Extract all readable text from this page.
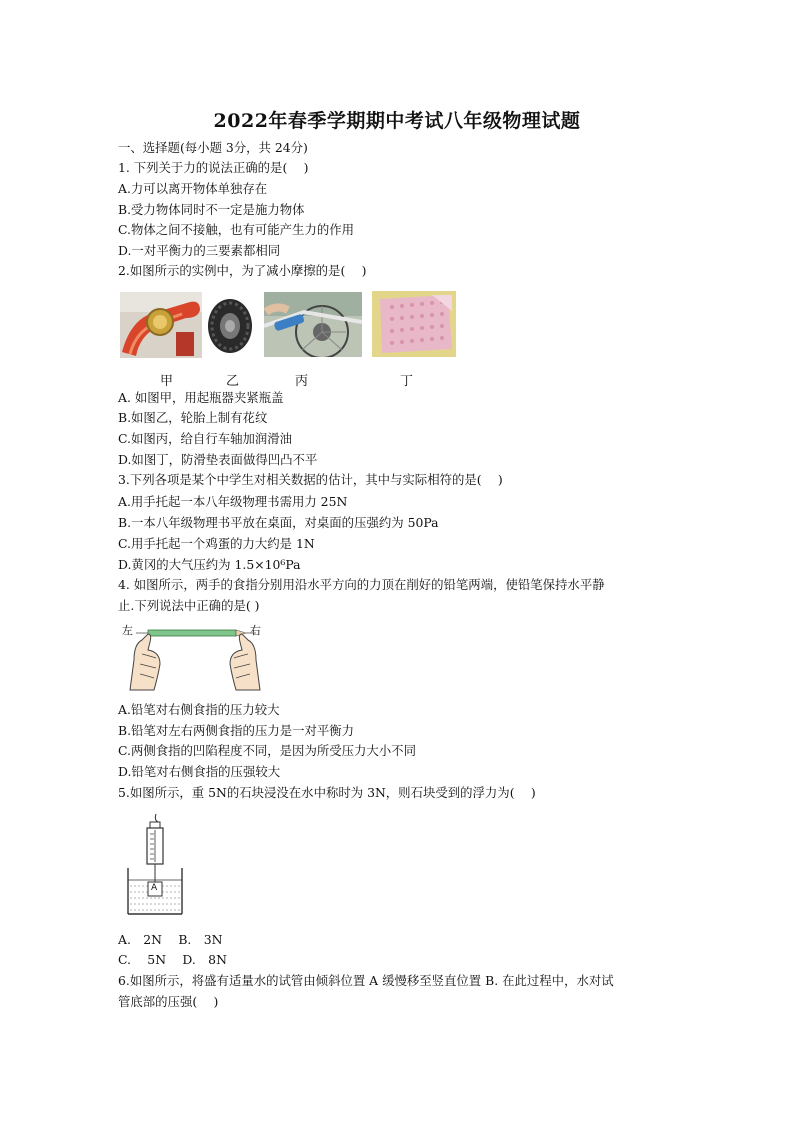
2022年春季学期期中考试八年级物理试题
一、选择题(每小题 3分，共 24分)
1. 下列关于力的说法正确的是(　 )
A.力可以离开物体单独存在
B.受力物体同时不一定是施力物体
C.物体之间不接触，也有可能产生力的作用
D.一对平衡力的三要素都相同
2.如图所示的实例中，为了减小摩擦的是(　 )
甲	乙	丙	丁
A. 如图甲，用起瓶器夹紧瓶盖
B.如图乙，轮胎上制有花纹
C.如图丙，给自行车轴加润滑油
D.如图丁，防滑垫表面做得凹凸不平
3.下列各项是某个中学生对相关数据的估计，其中与实际相符的是(　 )
A.用手托起一本八年级物理书需用力 25N
B.一本八年级物理书平放在桌面，对桌面的压强约为 50Pa
C.用手托起一个鸡蛋的力大约是 1N
D.黄冈的大气压约为 1.5×10⁶Pa
4. 如图所示，两手的食指分别用沿水平方向的力顶在削好的铅笔两端，使铅笔保持水平静
止.下列说法中正确的是( )
左	右
A.铅笔对右侧食指的压力较大
B.铅笔对左右两侧食指的压力是一对平衡力
C.两侧食指的凹陷程度不同，是因为所受压力大小不同
D.铅笔对右侧食指的压强较大
5.如图所示，重 5N的石块浸没在水中称时为 3N，则石块受到的浮力为(　 )
A
A.　2N　 B.　3N
C.　 5N　 D.　8N
6.如图所示，将盛有适量水的试管由倾斜位置 A 缓慢移至竖直位置 B. 在此过程中，水对试
管底部的压强(　 )
